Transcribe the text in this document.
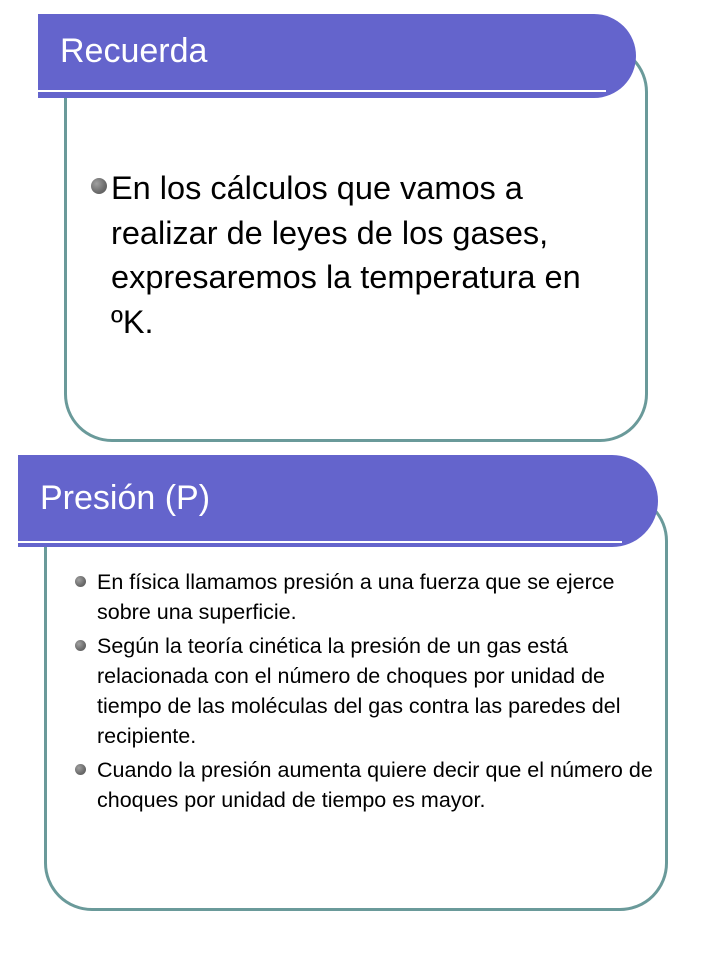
Recuerda
En los cálculos que vamos a realizar de leyes de los gases, expresaremos la temperatura en ºK.
Presión (P)
En física llamamos presión a una fuerza que se ejerce sobre una superficie.
Según la teoría cinética la presión de un gas está relacionada con el número de choques por unidad de tiempo de las moléculas del gas contra las paredes del recipiente.
Cuando la presión aumenta quiere decir que el número de choques por unidad de tiempo es mayor.
